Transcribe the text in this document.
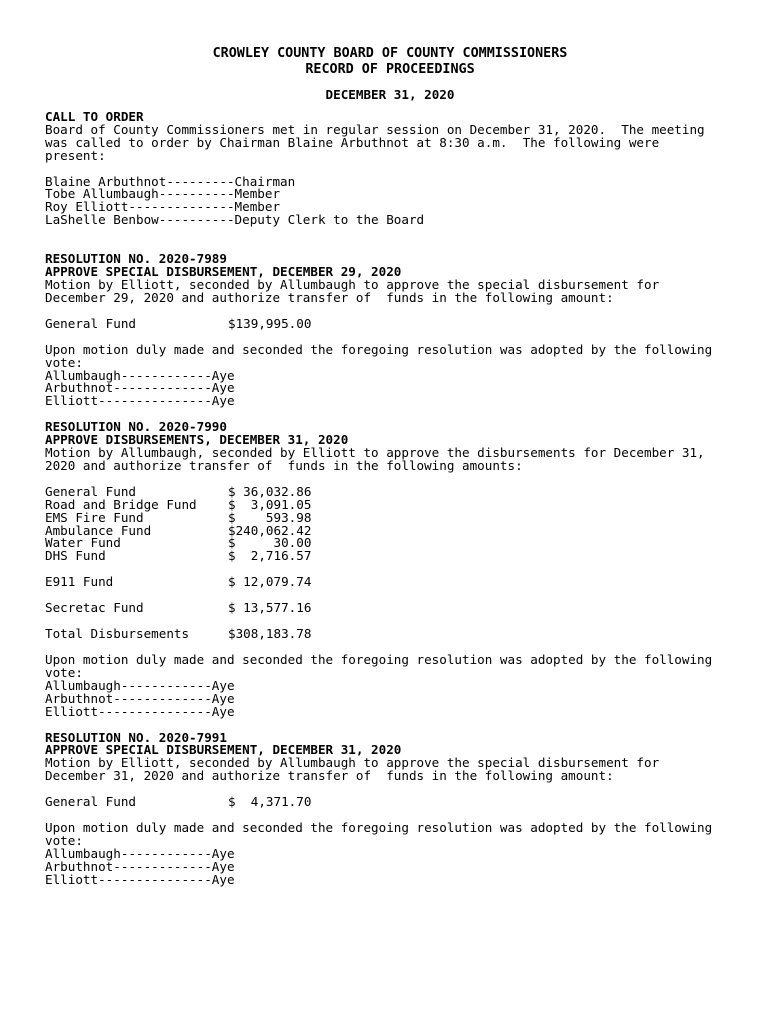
CROWLEY COUNTY BOARD OF COUNTY COMMISSIONERS
RECORD OF PROCEEDINGS
DECEMBER 31, 2020
CALL TO ORDER
Board of County Commissioners met in regular session on December 31, 2020.  The meeting
was called to order by Chairman Blaine Arbuthnot at 8:30 a.m.  The following were
present:
Blaine Arbuthnot---------Chairman
Tobe Allumbaugh----------Member
Roy Elliott--------------Member
LaShelle Benbow----------Deputy Clerk to the Board
RESOLUTION NO. 2020-7989
APPROVE SPECIAL DISBURSEMENT, DECEMBER 29, 2020
Motion by Elliott, seconded by Allumbaugh to approve the special disbursement for
December 29, 2020 and authorize transfer of  funds in the following amount:
General Fund	$139,995.00
Upon motion duly made and seconded the foregoing resolution was adopted by the following
vote:
Allumbaugh------------Aye
Arbuthnot-------------Aye
Elliott---------------Aye
RESOLUTION NO. 2020-7990
APPROVE DISBURSEMENTS, DECEMBER 31, 2020
Motion by Allumbaugh, seconded by Elliott to approve the disbursements for December 31,
2020 and authorize transfer of  funds in the following amounts:
General Fund	$ 36,032.86
Road and Bridge Fund	$  3,091.05
EMS Fire Fund	$    593.98
Ambulance Fund	$240,062.42
Water Fund	$     30.00
DHS Fund	$  2,716.57
E911 Fund	$ 12,079.74
Secretac Fund	$ 13,577.16
Total Disbursements	$308,183.78
Upon motion duly made and seconded the foregoing resolution was adopted by the following
vote:
Allumbaugh------------Aye
Arbuthnot-------------Aye
Elliott---------------Aye
RESOLUTION NO. 2020-7991
APPROVE SPECIAL DISBURSEMENT, DECEMBER 31, 2020
Motion by Elliott, seconded by Allumbaugh to approve the special disbursement for
December 31, 2020 and authorize transfer of  funds in the following amount:
General Fund	$  4,371.70
Upon motion duly made and seconded the foregoing resolution was adopted by the following
vote:
Allumbaugh------------Aye
Arbuthnot-------------Aye
Elliott---------------Aye
